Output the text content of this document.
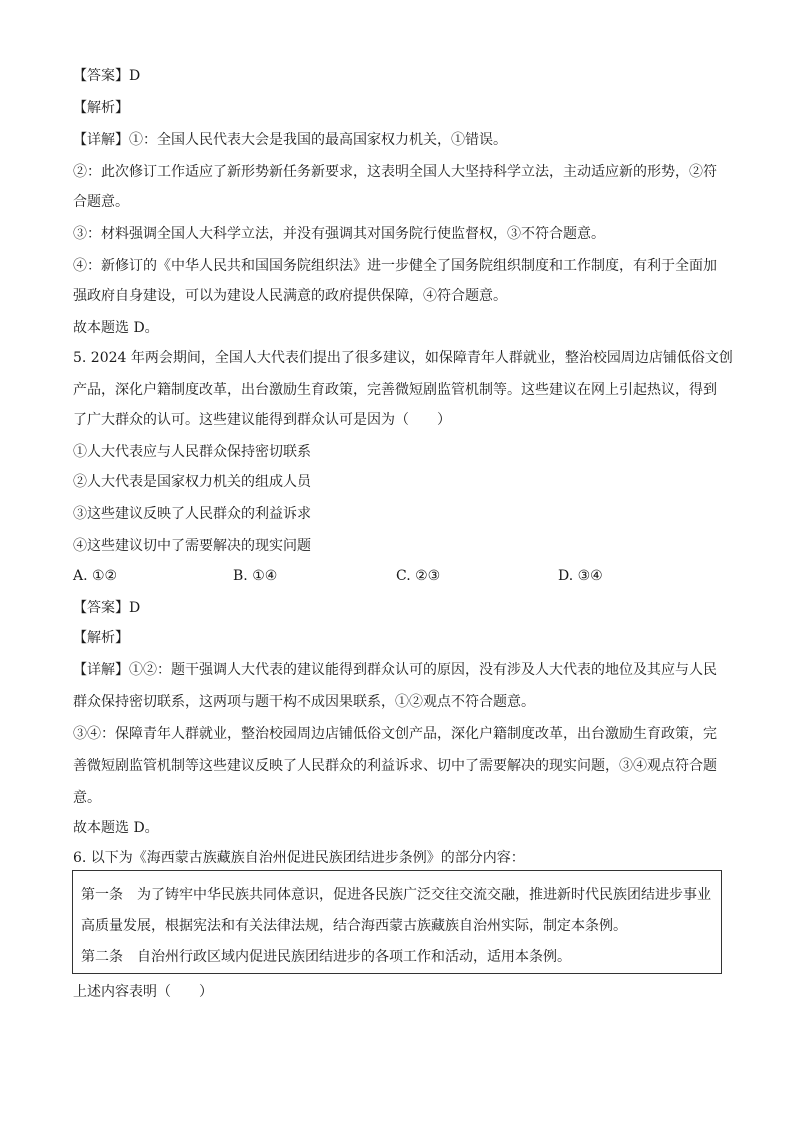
【答案】D
【解析】
【详解】①：全国人民代表大会是我国的最高国家权力机关，①错误。
②：此次修订工作适应了新形势新任务新要求，这表明全国人大坚持科学立法，主动适应新的形势，②符
合题意。
③：材料强调全国人大科学立法，并没有强调其对国务院行使监督权，③不符合题意。
④：新修订的《中华人民共和国国务院组织法》进一步健全了国务院组织制度和工作制度，有利于全面加
强政府自身建设，可以为建设人民满意的政府提供保障，④符合题意。
故本题选 D。
5. 2024 年两会期间，全国人大代表们提出了很多建议，如保障青年人群就业，整治校园周边店铺低俗文创
产品，深化户籍制度改革，出台激励生育政策，完善微短剧监管机制等。这些建议在网上引起热议，得到
了广大群众的认可。这些建议能得到群众认可是因为（　　）
①人大代表应与人民群众保持密切联系
②人大代表是国家权力机关的组成人员
③这些建议反映了人民群众的利益诉求
④这些建议切中了需要解决的现实问题
A. ①②	B. ①④	C. ②③	D. ③④
【答案】D
【解析】
【详解】①②：题干强调人大代表的建议能得到群众认可的原因，没有涉及人大代表的地位及其应与人民
群众保持密切联系，这两项与题干构不成因果联系，①②观点不符合题意。
③④：保障青年人群就业，整治校园周边店铺低俗文创产品，深化户籍制度改革，出台激励生育政策，完
善微短剧监管机制等这些建议反映了人民群众的利益诉求、切中了需要解决的现实问题，③④观点符合题
意。
故本题选 D。
6. 以下为《海西蒙古族藏族自治州促进民族团结进步条例》的部分内容：
第一条　为了铸牢中华民族共同体意识，促进各民族广泛交往交流交融，推进新时代民族团结进步事业
高质量发展，根据宪法和有关法律法规，结合海西蒙古族藏族自治州实际，制定本条例。
第二条　自治州行政区域内促进民族团结进步的各项工作和活动，适用本条例。
上述内容表明（　　）
